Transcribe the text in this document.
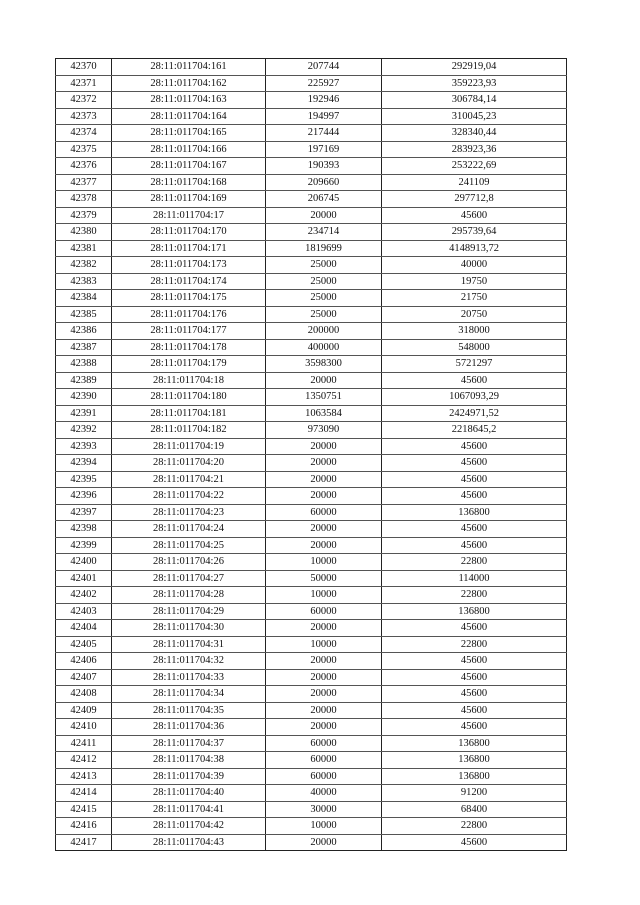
42370	28:11:011704:161	207744	292919,04
42371	28:11:011704:162	225927	359223,93
42372	28:11:011704:163	192946	306784,14
42373	28:11:011704:164	194997	310045,23
42374	28:11:011704:165	217444	328340,44
42375	28:11:011704:166	197169	283923,36
42376	28:11:011704:167	190393	253222,69
42377	28:11:011704:168	209660	241109
42378	28:11:011704:169	206745	297712,8
42379	28:11:011704:17	20000	45600
42380	28:11:011704:170	234714	295739,64
42381	28:11:011704:171	1819699	4148913,72
42382	28:11:011704:173	25000	40000
42383	28:11:011704:174	25000	19750
42384	28:11:011704:175	25000	21750
42385	28:11:011704:176	25000	20750
42386	28:11:011704:177	200000	318000
42387	28:11:011704:178	400000	548000
42388	28:11:011704:179	3598300	5721297
42389	28:11:011704:18	20000	45600
42390	28:11:011704:180	1350751	1067093,29
42391	28:11:011704:181	1063584	2424971,52
42392	28:11:011704:182	973090	2218645,2
42393	28:11:011704:19	20000	45600
42394	28:11:011704:20	20000	45600
42395	28:11:011704:21	20000	45600
42396	28:11:011704:22	20000	45600
42397	28:11:011704:23	60000	136800
42398	28:11:011704:24	20000	45600
42399	28:11:011704:25	20000	45600
42400	28:11:011704:26	10000	22800
42401	28:11:011704:27	50000	114000
42402	28:11:011704:28	10000	22800
42403	28:11:011704:29	60000	136800
42404	28:11:011704:30	20000	45600
42405	28:11:011704:31	10000	22800
42406	28:11:011704:32	20000	45600
42407	28:11:011704:33	20000	45600
42408	28:11:011704:34	20000	45600
42409	28:11:011704:35	20000	45600
42410	28:11:011704:36	20000	45600
42411	28:11:011704:37	60000	136800
42412	28:11:011704:38	60000	136800
42413	28:11:011704:39	60000	136800
42414	28:11:011704:40	40000	91200
42415	28:11:011704:41	30000	68400
42416	28:11:011704:42	10000	22800
42417	28:11:011704:43	20000	45600
